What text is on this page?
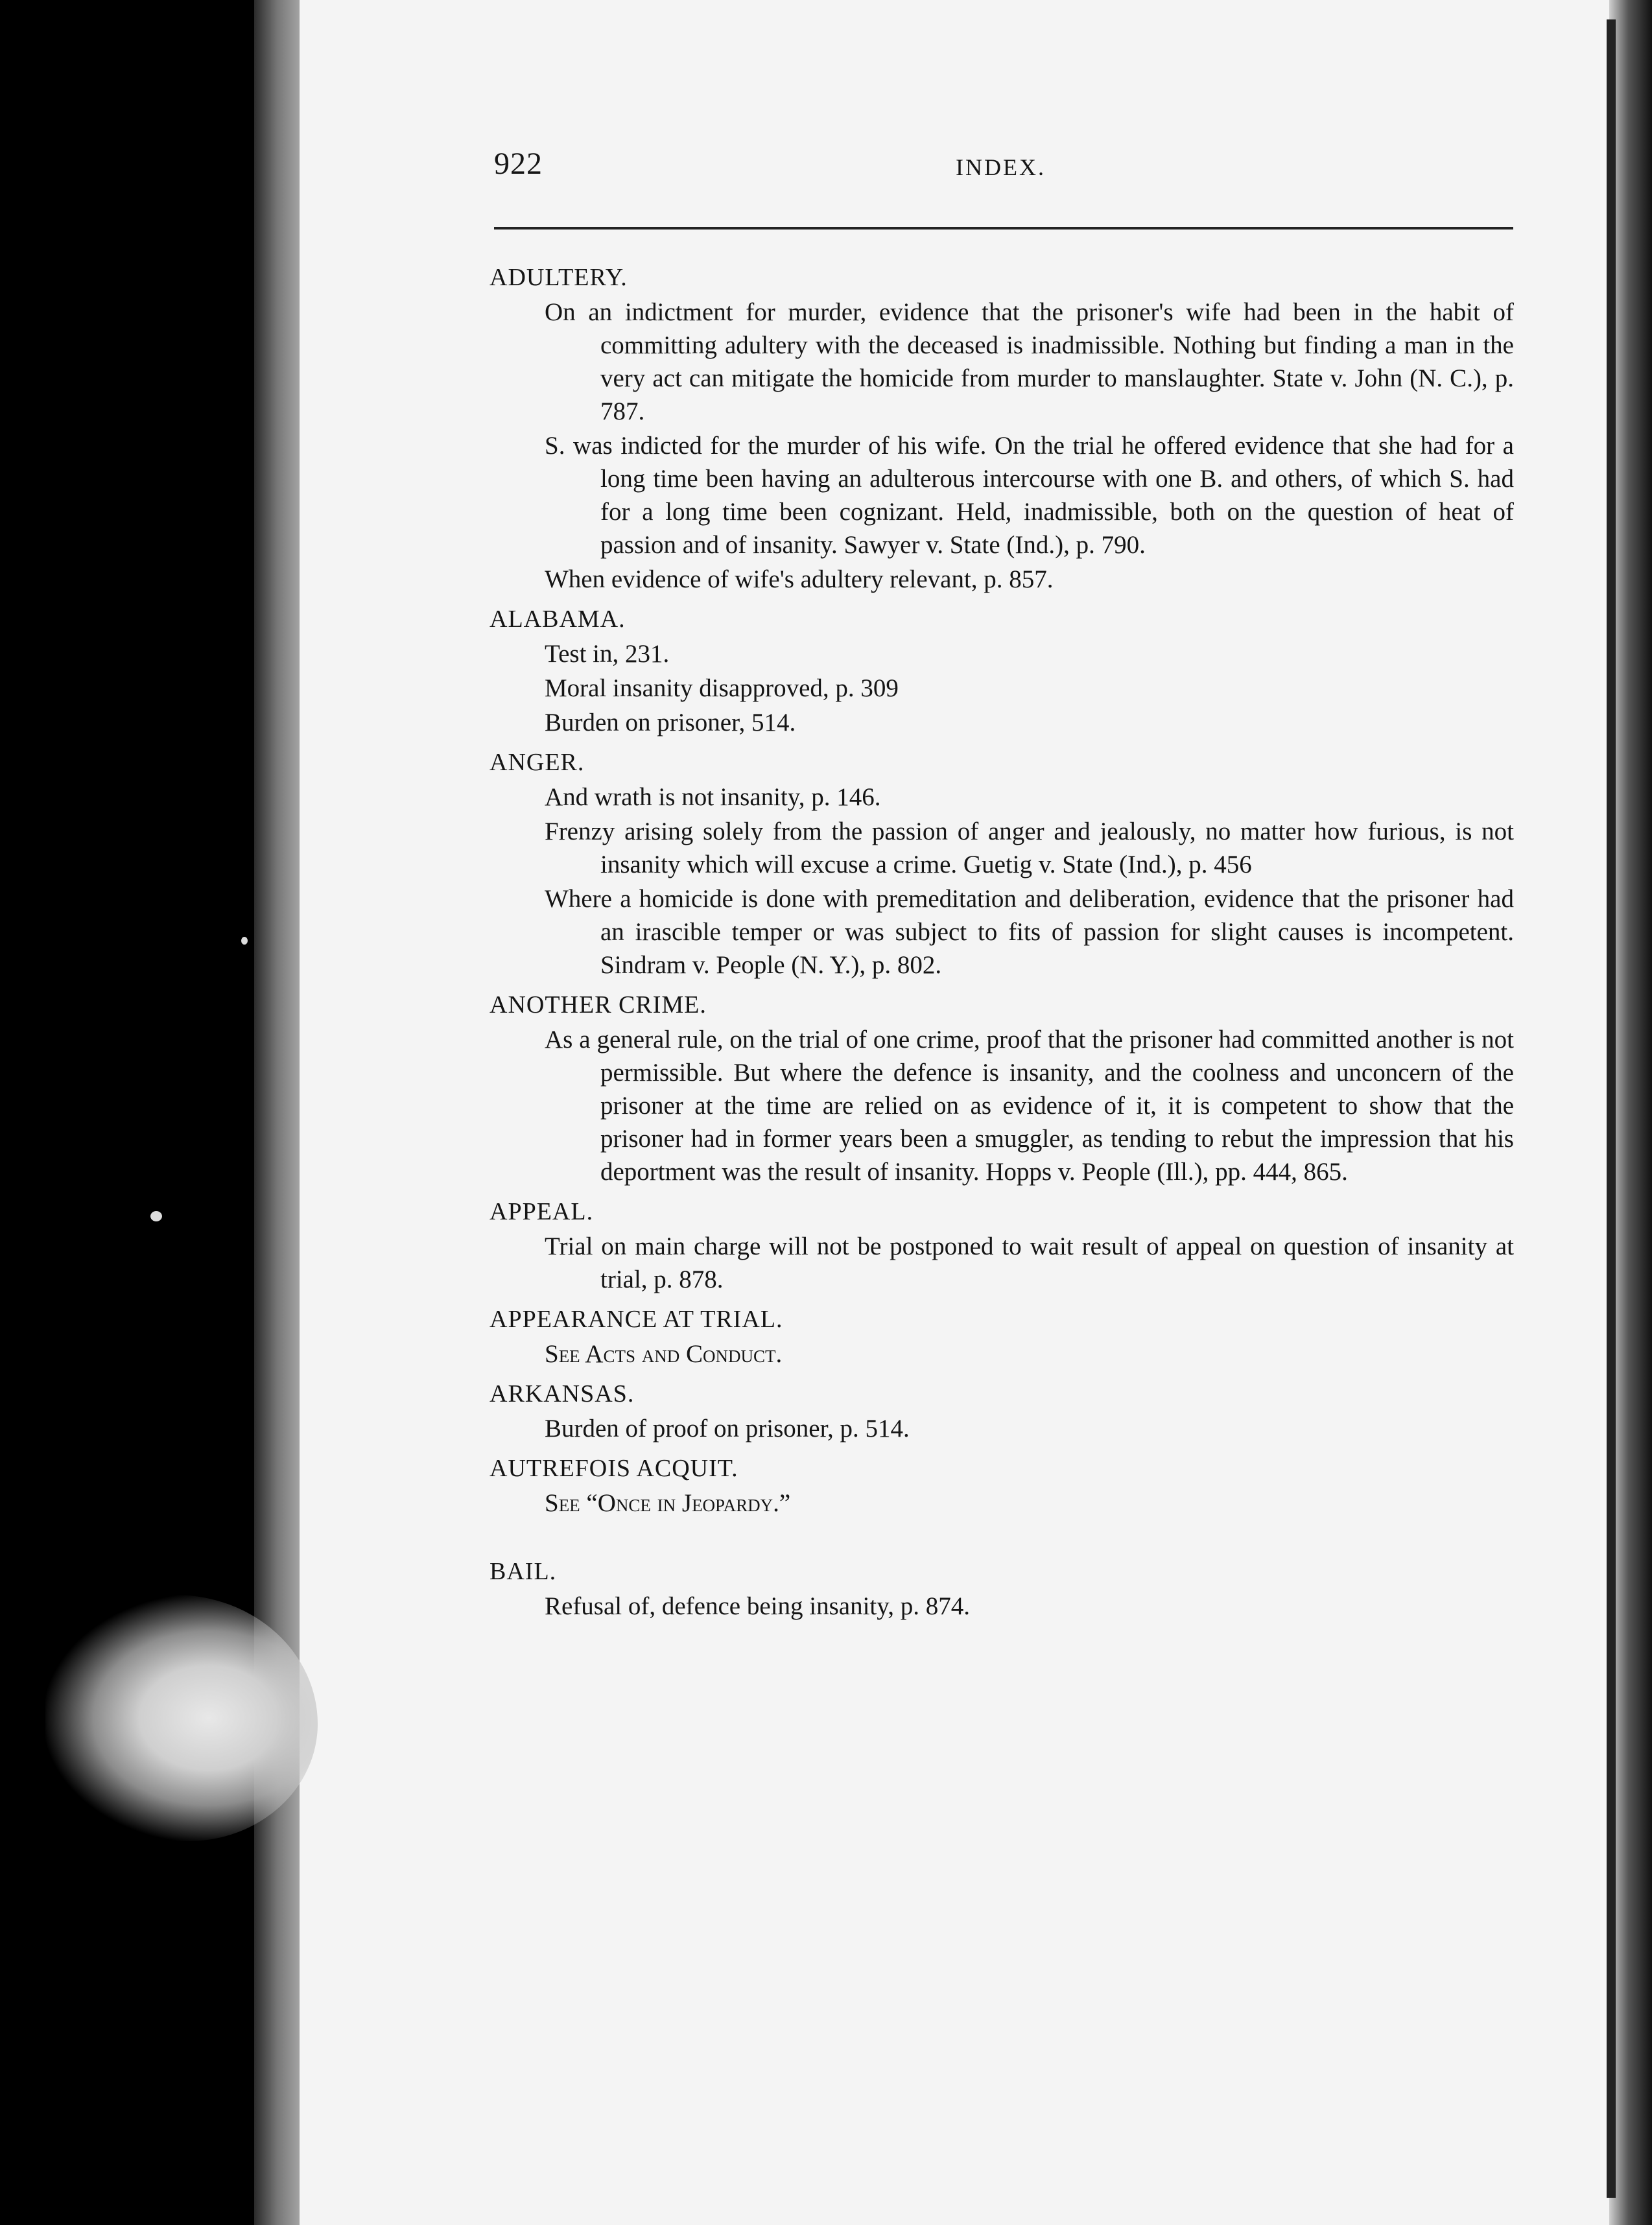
922	INDEX.

ADULTERY.

On an indictment for murder, evidence that the prisoner's wife had been in the habit of committing adultery with the deceased is inadmissible. Nothing but finding a man in the very act can mitigate the homicide from murder to manslaughter. State v. John (N. C.), p. 787.

S. was indicted for the murder of his wife. On the trial he offered evidence that she had for a long time been having an adulterous intercourse with one B. and others, of which S. had for a long time been cognizant. Held, inadmissible, both on the question of heat of passion and of insanity. Sawyer v. State (Ind.), p. 790.

When evidence of wife's adultery relevant, p. 857.

ALABAMA.

Test in, 231.

Moral insanity disapproved, p. 309

Burden on prisoner, 514.

ANGER.

And wrath is not insanity, p. 146.

Frenzy arising solely from the passion of anger and jealously, no matter how furious, is not insanity which will excuse a crime. Guetig v. State (Ind.), p. 456

Where a homicide is done with premeditation and deliberation, evidence that the prisoner had an irascible temper or was subject to fits of passion for slight causes is incompetent. Sindram v. People (N. Y.), p. 802.

ANOTHER CRIME.

As a general rule, on the trial of one crime, proof that the prisoner had committed another is not permissible. But where the defence is insanity, and the coolness and unconcern of the prisoner at the time are relied on as evidence of it, it is competent to show that the prisoner had in former years been a smuggler, as tending to rebut the impression that his deportment was the result of insanity. Hopps v. People (Ill.), pp. 444, 865.

APPEAL.

Trial on main charge will not be postponed to wait result of appeal on question of insanity at trial, p. 878.

APPEARANCE AT TRIAL.

See Acts and Conduct.

ARKANSAS.

Burden of proof on prisoner, p. 514.

AUTREFOIS ACQUIT.

See “Once in Jeopardy.”

BAIL.

Refusal of, defence being insanity, p. 874.
